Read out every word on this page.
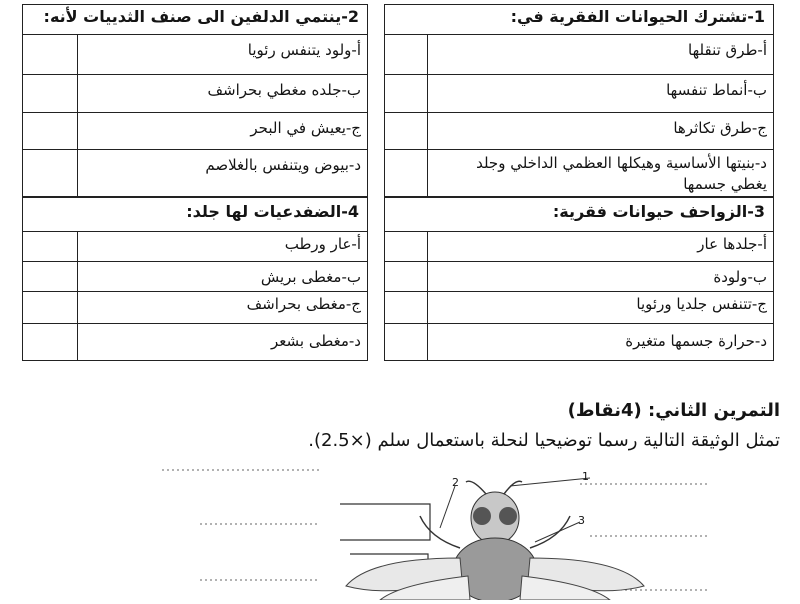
2-ينتمي الدلفين الى صنف الثدييات لأنه:
أ-ولود يتنفس رئويا
ب-جلده مغطي بحراشف
ج-يعيش في البحر
د-بيوض ويتنفس بالغلاصم
1-تشترك الحيوانات الفقرية في:
أ-طرق تنقلها
ب-أنماط تنفسها
ج-طرق تكاثرها
د-بنيتها الأساسية وهيكلها العظمي الداخلي وجلد
يغطي جسمها
4-الضفدعيات لها جلد:
أ-عار ورطب
ب-مغطى بريش
ج-مغطى بحراشف
د-مغطى بشعر
3-الزواحف حيوانات فقرية:
أ-جلدها عار
ب-ولودة
ج-تتنفس جلديا ورئويا
د-حرارة جسمها متغيرة
التمرين الثاني: (4نقاط)
تمثل الوثيقة التالية رسما توضيحيا لنحلة باستعمال سلم (×2.5).
1
2
3
